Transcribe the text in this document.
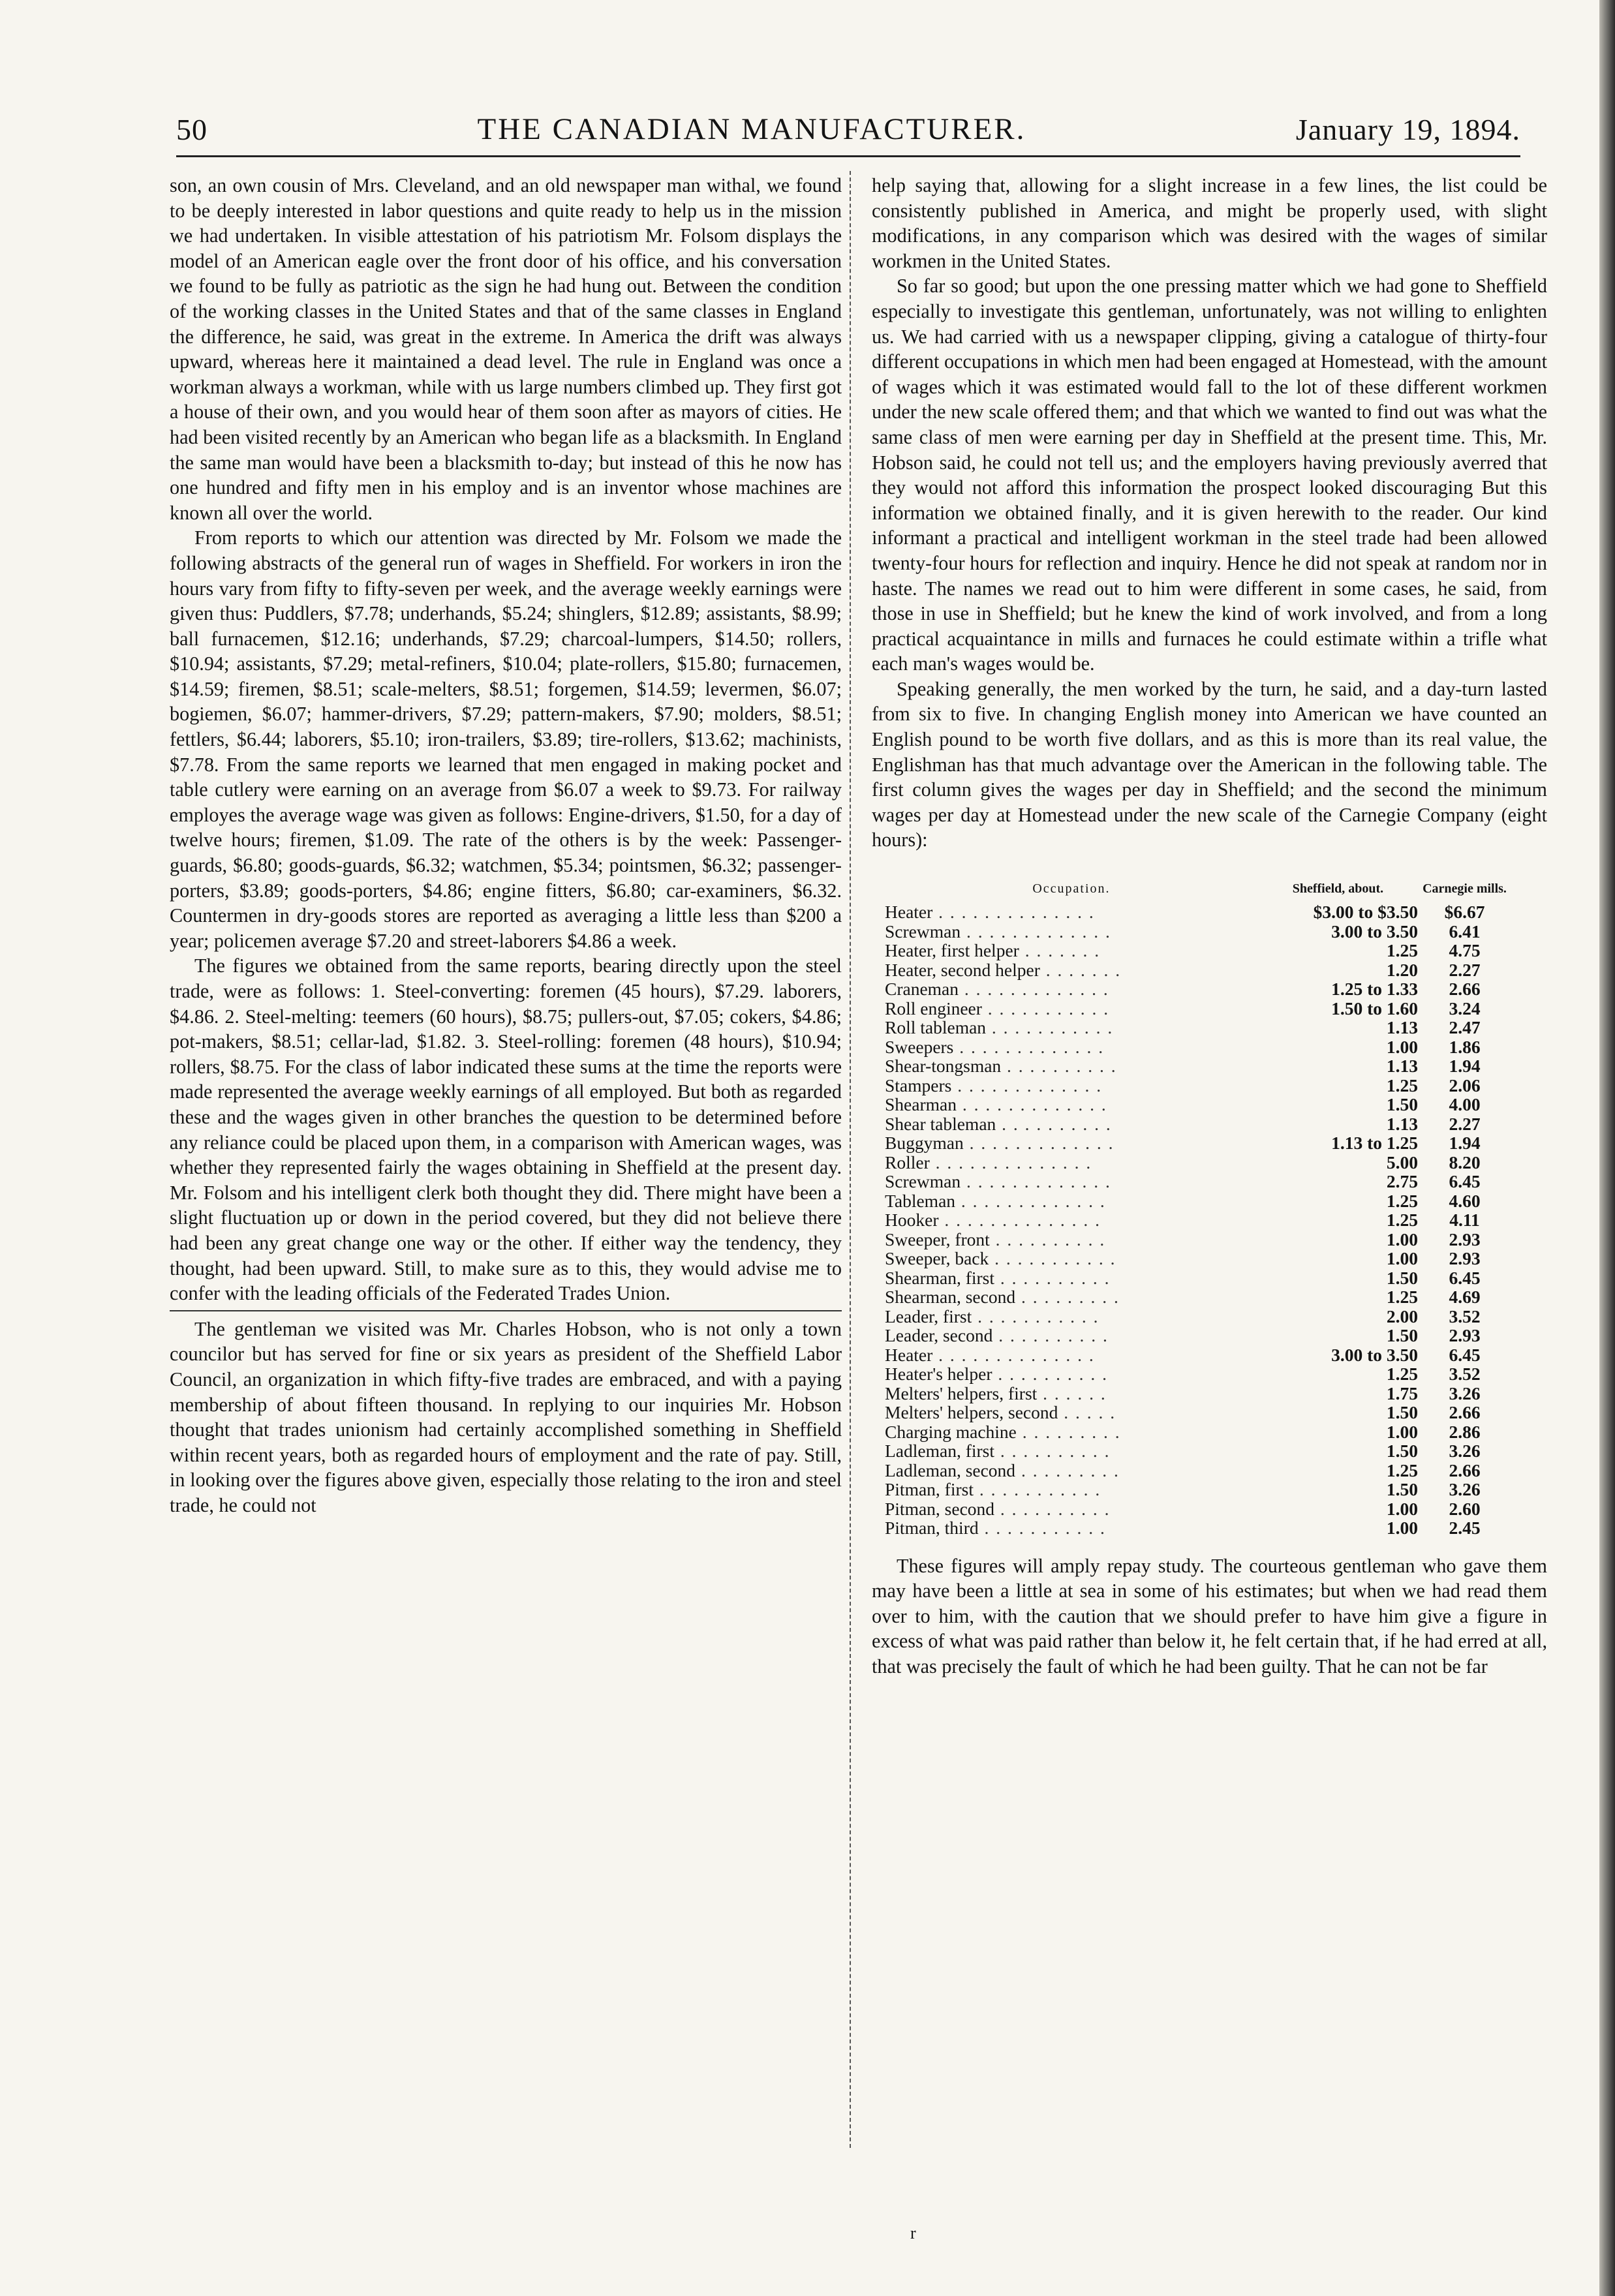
50	THE CANADIAN MANUFACTURER.	January 19, 1894.

son, an own cousin of Mrs. Cleveland, and an old newspaper man withal, we found to be deeply interested in labor questions and quite ready to help us in the mission we had undertaken. In visible attestation of his patriotism Mr. Folsom displays the model of an American eagle over the front door of his office, and his conversation we found to be fully as patriotic as the sign he had hung out. Between the condition of the working classes in the United States and that of the same classes in England the difference, he said, was great in the extreme. In America the drift was always upward, whereas here it maintained a dead level. The rule in England was once a workman always a workman, while with us large numbers climbed up. They first got a house of their own, and you would hear of them soon after as mayors of cities. He had been visited recently by an American who began life as a blacksmith. In England the same man would have been a blacksmith to-day; but instead of this he now has one hundred and fifty men in his employ and is an inventor whose machines are known all over the world.

From reports to which our attention was directed by Mr. Folsom we made the following abstracts of the general run of wages in Sheffield. For workers in iron the hours vary from fifty to fifty-seven per week, and the average weekly earnings were given thus: Puddlers, $7.78; underhands, $5.24; shinglers, $12.89; assistants, $8.99; ball furnacemen, $12.16; underhands, $7.29; charcoal-lumpers, $14.50; rollers, $10.94; assistants, $7.29; metal-refiners, $10.04; plate-rollers, $15.80; furnacemen, $14.59; firemen, $8.51; scale-melters, $8.51; forgemen, $14.59; levermen, $6.07; bogiemen, $6.07; hammer-drivers, $7.29; pattern-makers, $7.90; molders, $8.51; fettlers, $6.44; laborers, $5.10; iron-trailers, $3.89; tire-rollers, $13.62; machinists, $7.78. From the same reports we learned that men engaged in making pocket and table cutlery were earning on an average from $6.07 a week to $9.73. For railway employes the average wage was given as follows: Engine-drivers, $1.50, for a day of twelve hours; firemen, $1.09. The rate of the others is by the week: Passenger-guards, $6.80; goods-guards, $6.32; watchmen, $5.34; pointsmen, $6.32; passenger-porters, $3.89; goods-porters, $4.86; engine fitters, $6.80; car-examiners, $6.32. Countermen in dry-goods stores are reported as averaging a little less than $200 a year; policemen average $7.20 and street-laborers $4.86 a week.

The figures we obtained from the same reports, bearing directly upon the steel trade, were as follows: 1. Steel-converting: foremen (45 hours), $7.29. laborers, $4.86. 2. Steel-melting: teemers (60 hours), $8.75; pullers-out, $7.05; cokers, $4.86; pot-makers, $8.51; cellar-lad, $1.82. 3. Steel-rolling: foremen (48 hours), $10.94; rollers, $8.75. For the class of labor indicated these sums at the time the reports were made represented the average weekly earnings of all employed. But both as regarded these and the wages given in other branches the question to be determined before any reliance could be placed upon them, in a comparison with American wages, was whether they represented fairly the wages obtaining in Sheffield at the present day. Mr. Folsom and his intelligent clerk both thought they did. There might have been a slight fluctuation up or down in the period covered, but they did not believe there had been any great change one way or the other. If either way the tendency, they thought, had been upward. Still, to make sure as to this, they would advise me to confer with the leading officials of the Federated Trades Union.

The gentleman we visited was Mr. Charles Hobson, who is not only a town councilor but has served for fine or six years as president of the Sheffield Labor Council, an organization in which fifty-five trades are embraced, and with a paying membership of about fifteen thousand. In replying to our inquiries Mr. Hobson thought that trades unionism had certainly accomplished something in Sheffield within recent years, both as regarded hours of employment and the rate of pay. Still, in looking over the figures above given, especially those relating to the iron and steel trade, he could not

help saying that, allowing for a slight increase in a few lines, the list could be consistently published in America, and might be properly used, with slight modifications, in any comparison which was desired with the wages of similar workmen in the United States.

So far so good; but upon the one pressing matter which we had gone to Sheffield especially to investigate this gentleman, unfortunately, was not willing to enlighten us. We had carried with us a newspaper clipping, giving a catalogue of thirty-four different occupations in which men had been engaged at Homestead, with the amount of wages which it was estimated would fall to the lot of these different workmen under the new scale offered them; and that which we wanted to find out was what the same class of men were earning per day in Sheffield at the present time. This, Mr. Hobson said, he could not tell us; and the employers having previously averred that they would not afford this information the prospect looked discouraging But this information we obtained finally, and it is given herewith to the reader. Our kind informant a practical and intelligent workman in the steel trade had been allowed twenty-four hours for reflection and inquiry. Hence he did not speak at random nor in haste. The names we read out to him were different in some cases, he said, from those in use in Sheffield; but he knew the kind of work involved, and from a long practical acquaintance in mills and furnaces he could estimate within a trifle what each man's wages would be.

Speaking generally, the men worked by the turn, he said, and a day-turn lasted from six to five. In changing English money into American we have counted an English pound to be worth five dollars, and as this is more than its real value, the Englishman has that much advantage over the American in the following table. The first column gives the wages per day in Sheffield; and the second the minimum wages per day at Homestead under the new scale of the Carnegie Company (eight hours):

Occupation.	Sheffield, about.	Carnegie mills.
Heater . . . . . . . . . . . . . .	$3.00 to $3.50	$6.67
Screwman . . . . . . . . . . . . .	3.00 to 3.50	6.41
Heater, first helper . . . . . . .	1.25	4.75
Heater, second helper . . . . . . .	1.20	2.27
Craneman . . . . . . . . . . . . .	1.25 to 1.33	2.66
Roll engineer . . . . . . . . . . .	1.50 to 1.60	3.24
Roll tableman . . . . . . . . . . .	1.13	2.47
Sweepers . . . . . . . . . . . . .	1.00	1.86
Shear-tongsman . . . . . . . . . .	1.13	1.94
Stampers . . . . . . . . . . . . .	1.25	2.06
Shearman . . . . . . . . . . . . .	1.50	4.00
Shear tableman . . . . . . . . . .	1.13	2.27
Buggyman . . . . . . . . . . . . .	1.13 to 1.25	1.94
Roller . . . . . . . . . . . . . .	5.00	8.20
Screwman . . . . . . . . . . . . .	2.75	6.45
Tableman . . . . . . . . . . . . .	1.25	4.60
Hooker . . . . . . . . . . . . . .	1.25	4.11
Sweeper, front . . . . . . . . . .	1.00	2.93
Sweeper, back . . . . . . . . . . .	1.00	2.93
Shearman, first . . . . . . . . . .	1.50	6.45
Shearman, second . . . . . . . . .	1.25	4.69
Leader, first . . . . . . . . . . .	2.00	3.52
Leader, second . . . . . . . . . .	1.50	2.93
Heater . . . . . . . . . . . . . .	3.00 to 3.50	6.45
Heater's helper . . . . . . . . . .	1.25	3.52
Melters' helpers, first . . . . . .	1.75	3.26
Melters' helpers, second . . . . .	1.50	2.66
Charging machine . . . . . . . . .	1.00	2.86
Ladleman, first . . . . . . . . . .	1.50	3.26
Ladleman, second . . . . . . . . .	1.25	2.66
Pitman, first . . . . . . . . . . .	1.50	3.26
Pitman, second . . . . . . . . . .	1.00	2.60
Pitman, third . . . . . . . . . . .	1.00	2.45

These figures will amply repay study. The courteous gentleman who gave them may have been a little at sea in some of his estimates; but when we had read them over to him, with the caution that we should prefer to have him give a figure in excess of what was paid rather than below it, he felt certain that, if he had erred at all, that was precisely the fault of which he had been guilty. That he can not be far

r
